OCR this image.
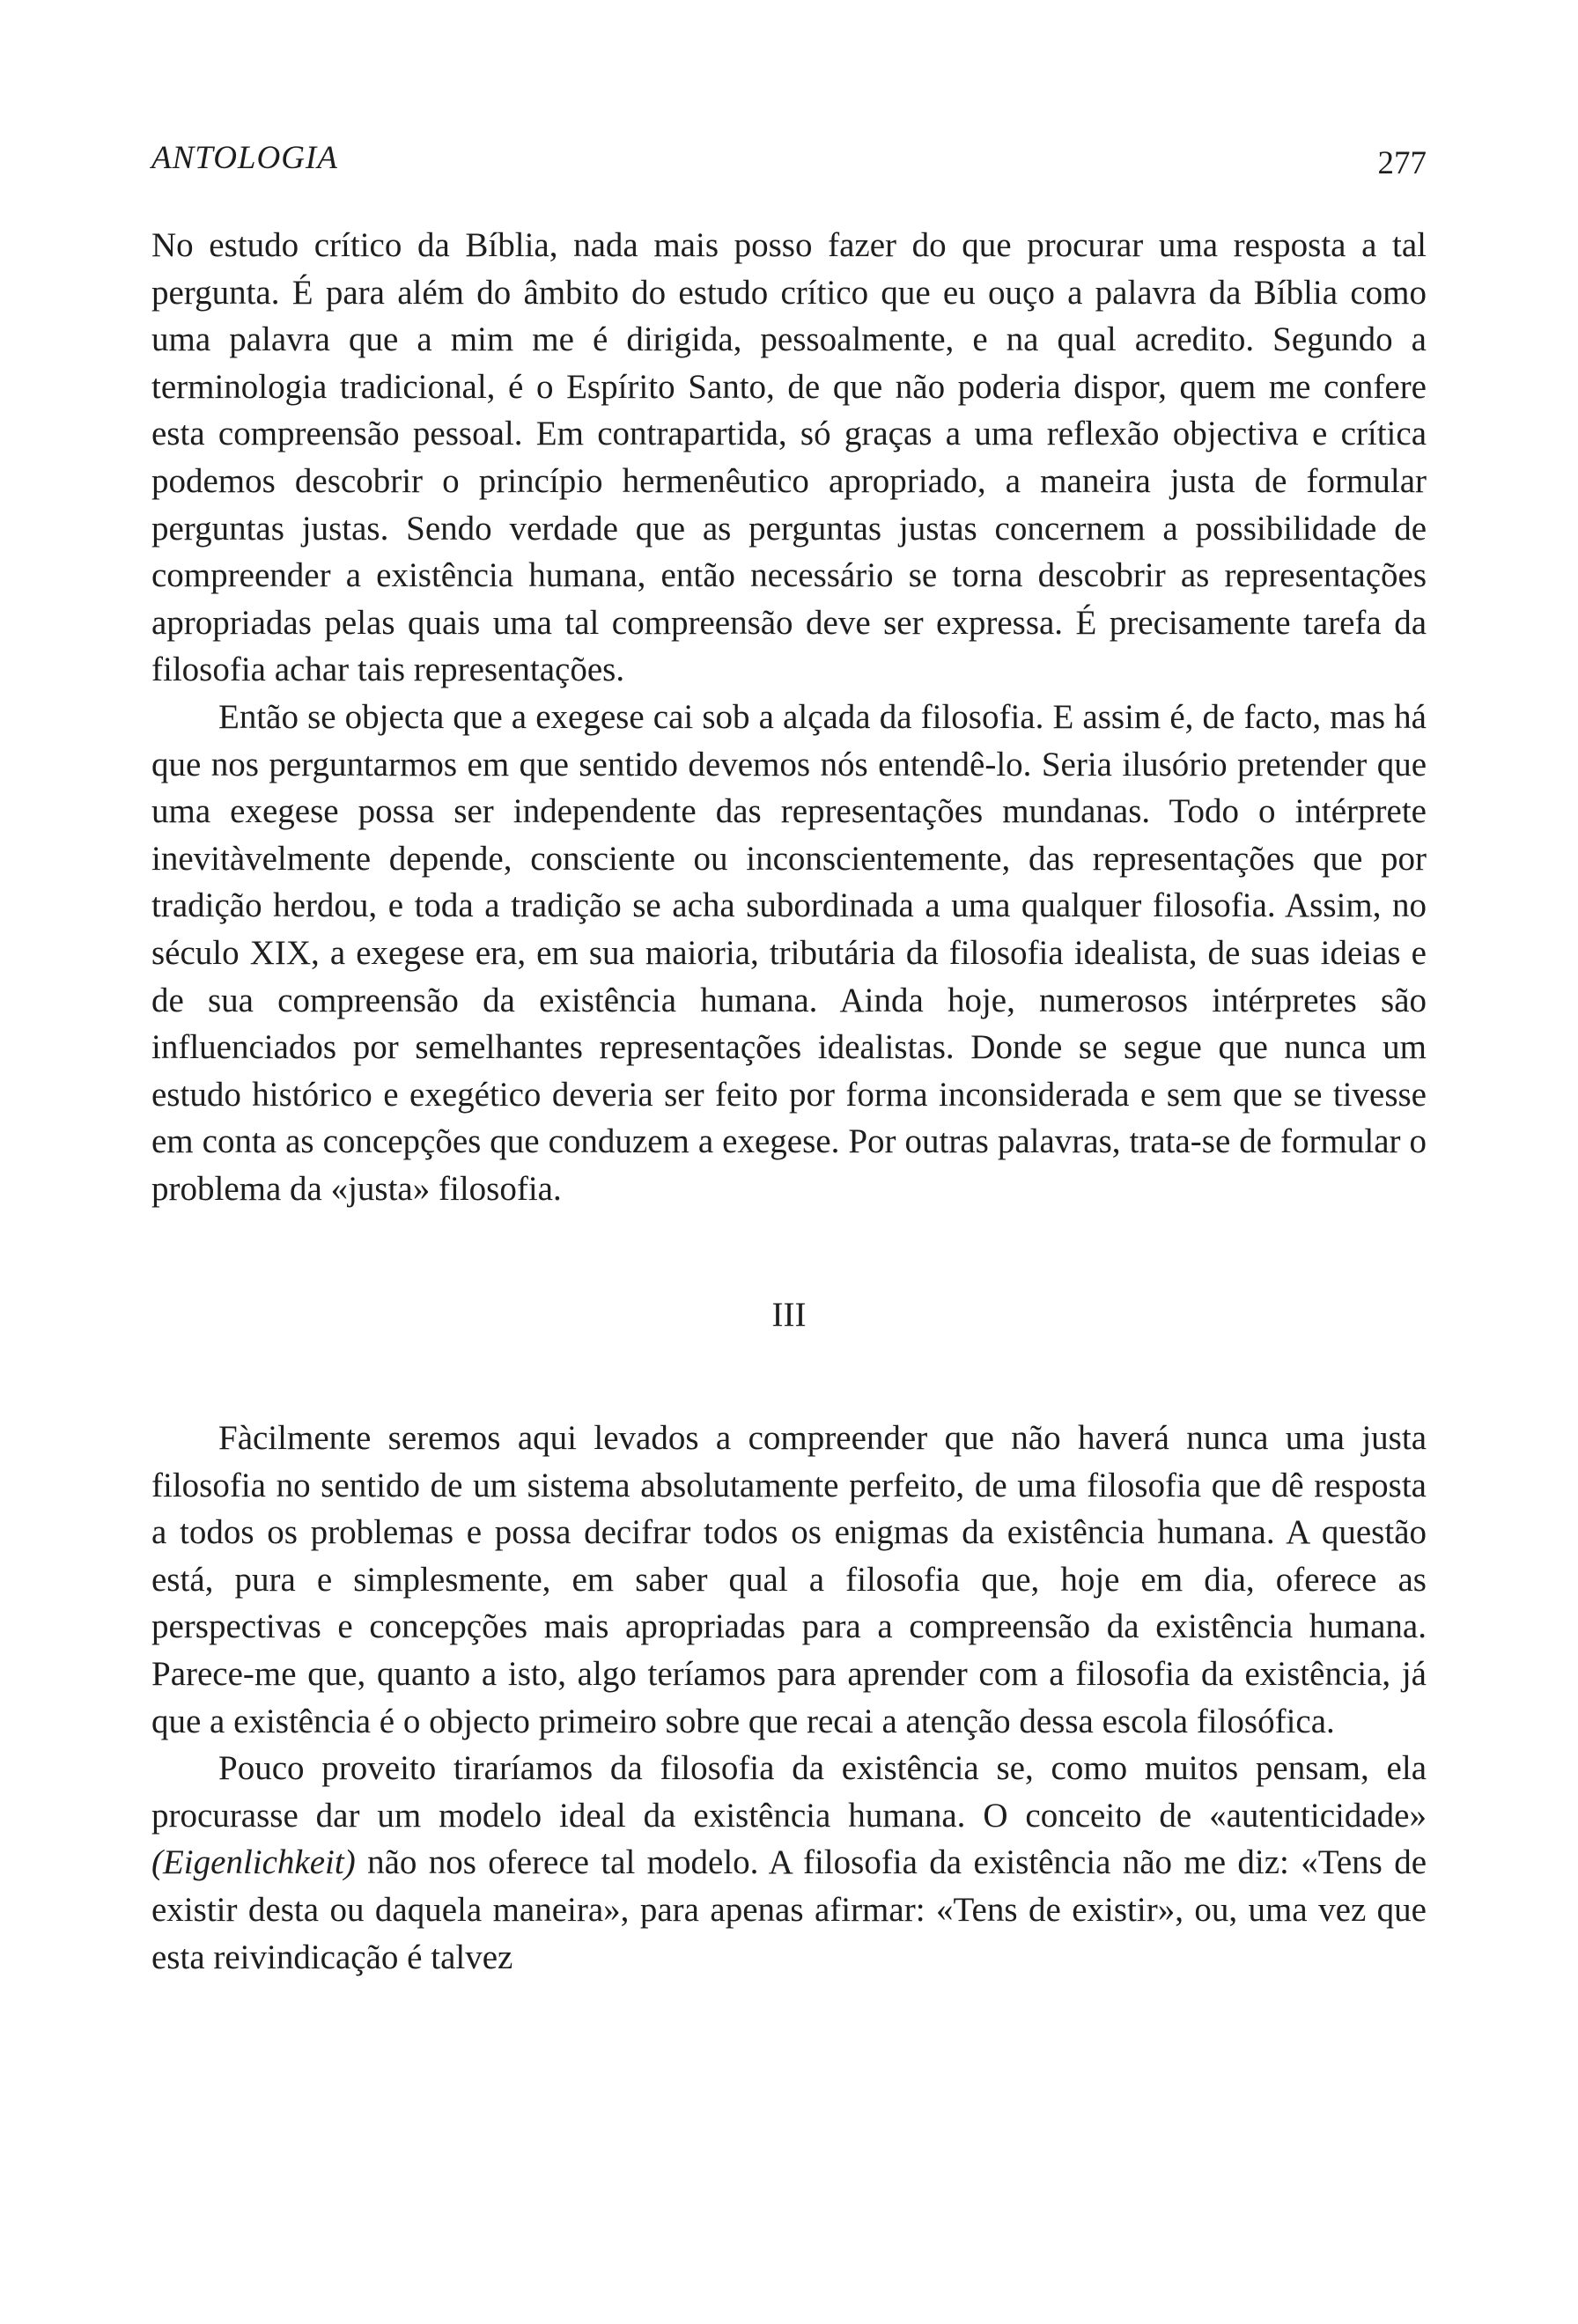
ANTOLOGIA	277

No estudo crítico da Bíblia, nada mais posso fazer do que procurar uma resposta a tal pergunta. É para além do âmbito do estudo crítico que eu ouço a palavra da Bíblia como uma palavra que a mim me é dirigida, pessoalmente, e na qual acredito. Segundo a terminologia tradicional, é o Espírito Santo, de que não poderia dispor, quem me confere esta compreensão pessoal. Em contrapartida, só graças a uma reflexão objectiva e crítica podemos descobrir o princípio hermenêutico apropriado, a maneira justa de formular perguntas justas. Sendo verdade que as perguntas justas concernem a possibilidade de compreender a existência humana, então necessário se torna descobrir as representações apropriadas pelas quais uma tal compreensão deve ser expressa. É precisamente tarefa da filosofia achar tais representações.

Então se objecta que a exegese cai sob a alçada da filosofia. E assim é, de facto, mas há que nos perguntarmos em que sentido devemos nós entendê-lo. Seria ilusório pretender que uma exegese possa ser independente das representações mundanas. Todo o intérprete inevitàvelmente depende, consciente ou inconscientemente, das representações que por tradição herdou, e toda a tradição se acha subordinada a uma qualquer filosofia. Assim, no século XIX, a exegese era, em sua maioria, tributária da filosofia idealista, de suas ideias e de sua compreensão da existência humana. Ainda hoje, numerosos intérpretes são influenciados por semelhantes representações idealistas. Donde se segue que nunca um estudo histórico e exegético deveria ser feito por forma inconsiderada e sem que se tivesse em conta as concepções que conduzem a exegese. Por outras palavras, trata-se de formular o problema da «justa» filosofia.

III

Fàcilmente seremos aqui levados a compreender que não haverá nunca uma justa filosofia no sentido de um sistema absolutamente perfeito, de uma filosofia que dê resposta a todos os problemas e possa decifrar todos os enigmas da existência humana. A questão está, pura e simplesmente, em saber qual a filosofia que, hoje em dia, oferece as perspectivas e concepções mais apropriadas para a compreensão da existência humana. Parece-me que, quanto a isto, algo teríamos para aprender com a filosofia da existência, já que a existência é o objecto primeiro sobre que recai a atenção dessa escola filosófica.

Pouco proveito tiraríamos da filosofia da existência se, como muitos pensam, ela procurasse dar um modelo ideal da existência humana. O conceito de «autenticidade» (Eigenlichkeit) não nos oferece tal modelo. A filosofia da existência não me diz: «Tens de existir desta ou daquela maneira», para apenas afirmar: «Tens de existir», ou, uma vez que esta reivindicação é talvez
